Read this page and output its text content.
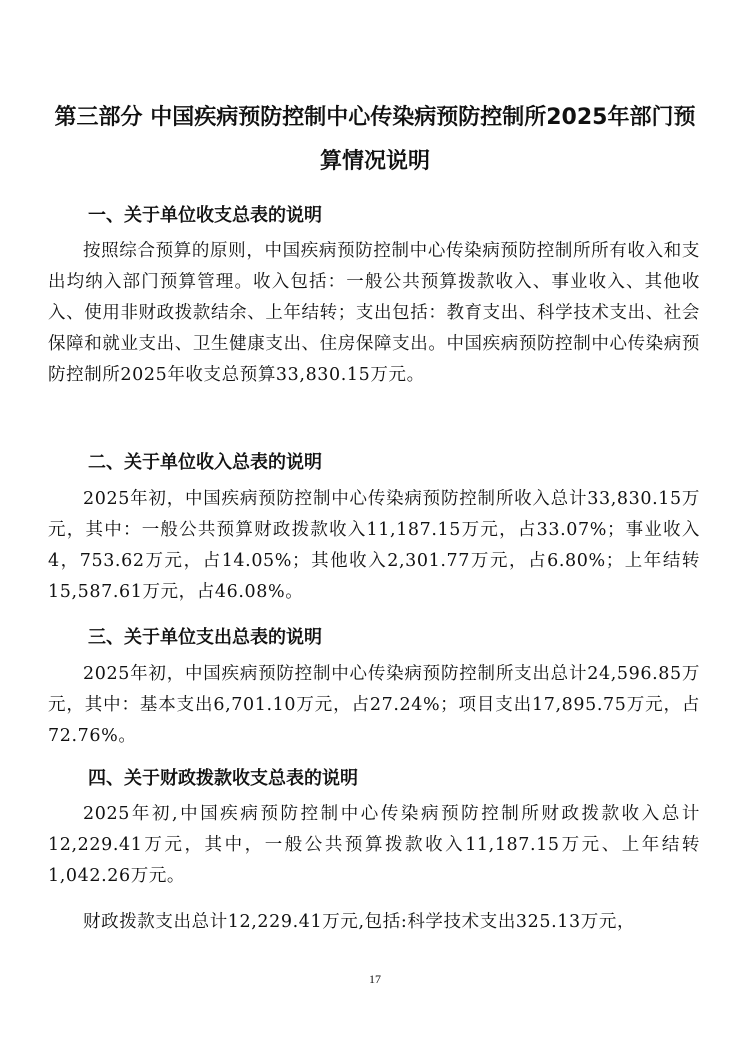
第三部分 中国疾病预防控制中心传染病预防控制所2025年部门预算情况说明
一、关于单位收支总表的说明

按照综合预算的原则，中国疾病预防控制中心传染病预防控制所所有收入和支出均纳入部门预算管理。收入包括：一般公共预算拨款收入、事业收入、其他收入、使用非财政拨款结余、上年结转；支出包括：教育支出、科学技术支出、社会保障和就业支出、卫生健康支出、住房保障支出。中国疾病预防控制中心传染病预防控制所2025年收支总预算33,830.15万元。

二、关于单位收入总表的说明

2025年初，中国疾病预防控制中心传染病预防控制所收入总计33,830.15万元，其中：一般公共预算财政拨款收入11,187.15万元，占33.07%；事业收入4，753.62万元，占14.05%；其他收入2,301.77万元，占6.80%；上年结转15,587.61万元，占46.08%。

三、关于单位支出总表的说明

2025年初，中国疾病预防控制中心传染病预防控制所支出总计24,596.85万元，其中：基本支出6,701.10万元，占27.24%；项目支出17,895.75万元，占72.76%。

四、关于财政拨款收支总表的说明

2025年初,中国疾病预防控制中心传染病预防控制所财政拨款收入总计12,229.41万元，其中，一般公共预算拨款收入11,187.15万元、上年结转1,042.26万元。

财政拨款支出总计12,229.41万元,包括:科学技术支出325.13万元，

17
